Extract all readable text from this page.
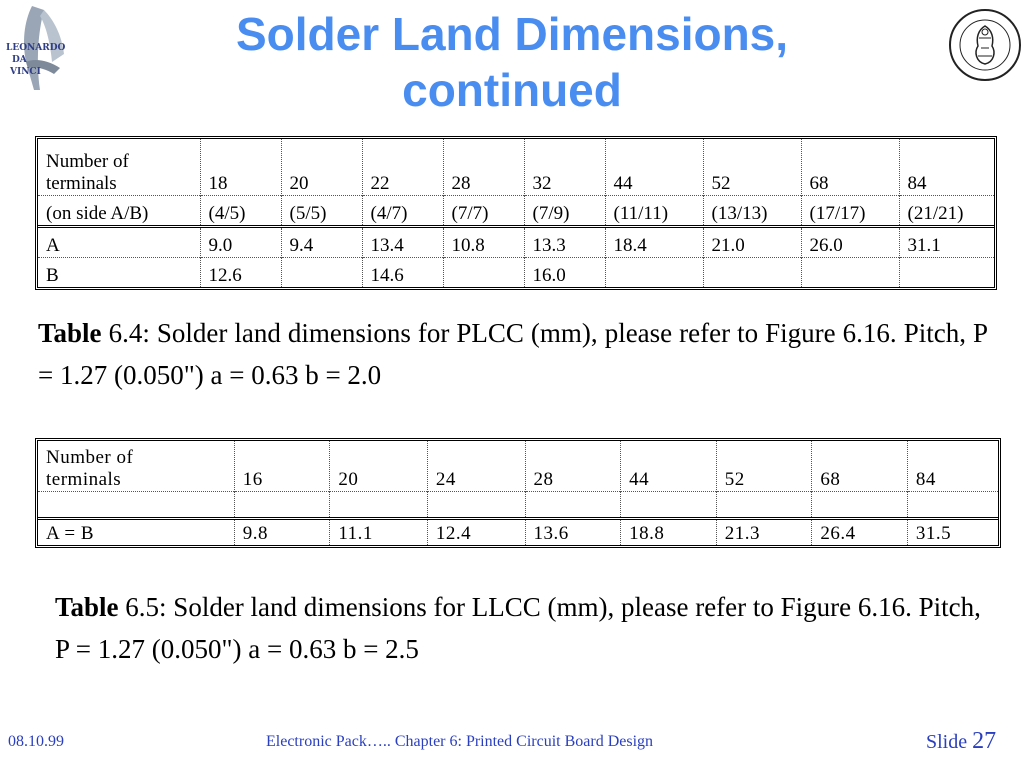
LEONARDO
DA
VINCI
Solder Land Dimensions,
continued
Number of
terminals	18	20	22	28	32	44	52	68	84
(on side A/B)	(4/5)	(5/5)	(4/7)	(7/7)	(7/9)	(11/11)	(13/13)	(17/17)	(21/21)
A	9.0	9.4	13.4	10.8	13.3	18.4	21.0	26.0	31.1
B	12.6		14.6		16.0				
Table 6.4: Solder land dimensions for PLCC (mm), please refer to Figure 6.16. Pitch, P = 1.27 (0.050") a = 0.63 b = 2.0
Number of
terminals	16	20	24	28	44	52	68	84

A = B	9.8	11.1	12.4	13.6	18.8	21.3	26.4	31.5
Table 6.5: Solder land dimensions for LLCC (mm), please refer to Figure 6.16. Pitch, P = 1.27 (0.050") a = 0.63 b = 2.5
08.10.99	Electronic Pack….. Chapter 6: Printed Circuit Board Design	Slide 27
